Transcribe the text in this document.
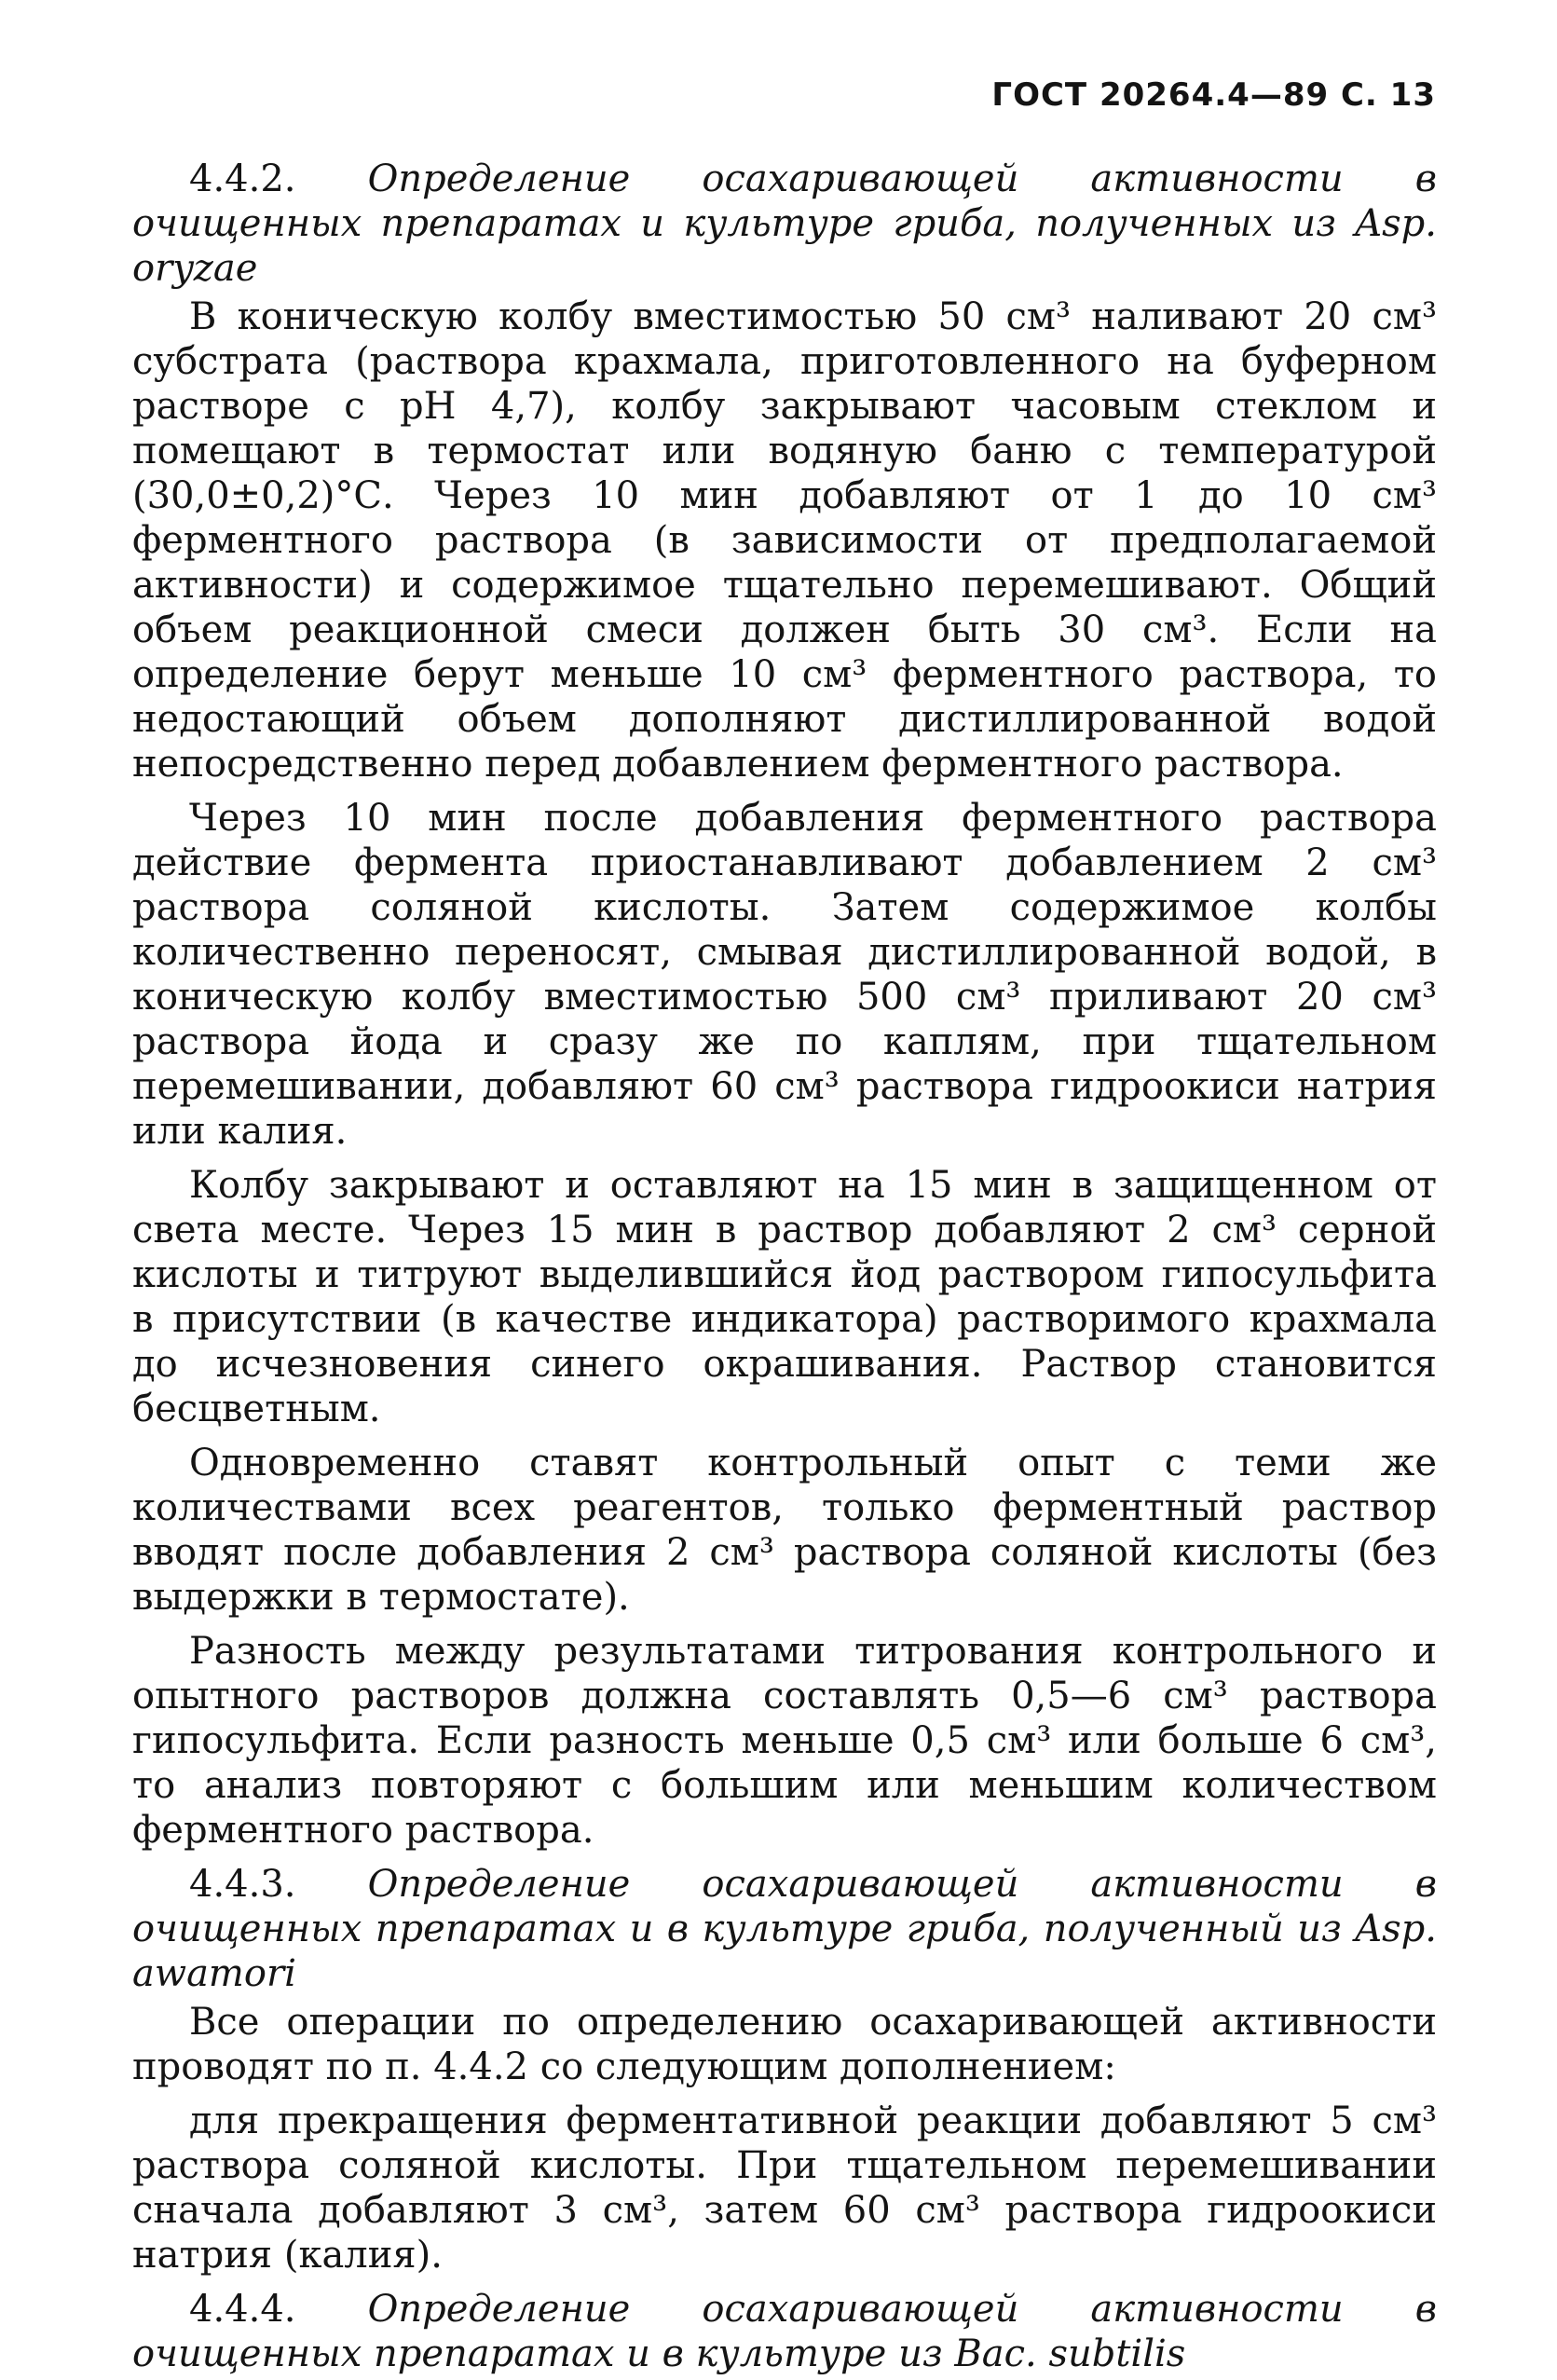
ГОСТ 20264.4—89 С. 13

4.4.2. Определение осахаривающей активности в очищенных препаратах и культуре гриба, полученных из Asp. oryzae

В коническую колбу вместимостью 50 см³ наливают 20 см³ субстрата (раствора крахмала, приготовленного на буферном растворе с рН 4,7), колбу закрывают часовым стеклом и помещают в термостат или водяную баню с температурой (30,0±0,2)°С. Через 10 мин добавляют от 1 до 10 см³ ферментного раствора (в зависимости от предполагаемой активности) и содержимое тщательно перемешивают. Общий объем реакционной смеси должен быть 30 см³. Если на определение берут меньше 10 см³ ферментного раствора, то недостающий объем дополняют дистиллированной водой непосредственно перед добавлением ферментного раствора.

Через 10 мин после добавления ферментного раствора действие фермента приостанавливают добавлением 2 см³ раствора соляной кислоты. Затем содержимое колбы количественно переносят, смывая дистиллированной водой, в коническую колбу вместимостью 500 см³ приливают 20 см³ раствора йода и сразу же по каплям, при тщательном перемешивании, добавляют 60 см³ раствора гидроокиси натрия или калия.

Колбу закрывают и оставляют на 15 мин в защищенном от света месте. Через 15 мин в раствор добавляют 2 см³ серной кислоты и титруют выделившийся йод раствором гипосульфита в присутствии (в качестве индикатора) растворимого крахмала до исчезновения синего окрашивания. Раствор становится бесцветным.

Одновременно ставят контрольный опыт с теми же количествами всех реагентов, только ферментный раствор вводят после добавления 2 см³ раствора соляной кислоты (без выдержки в термостате).

Разность между результатами титрования контрольного и опытного растворов должна составлять 0,5—6 см³ раствора гипосульфита. Если разность меньше 0,5 см³ или больше 6 см³, то анализ повторяют с большим или меньшим количеством ферментного раствора.

4.4.3. Определение осахаривающей активности в очищенных препаратах и в культуре гриба, полученный из Asp. awamori

Все операции по определению осахаривающей активности проводят по п. 4.4.2 со следующим дополнением:

для прекращения ферментативной реакции добавляют 5 см³ раствора соляной кислоты. При тщательном перемешивании сначала добавляют 3 см³, затем 60 см³ раствора гидроокиси натрия (калия).

4.4.4. Определение осахаривающей активности в очищенных препаратах и в культуре из Bac. subtilis
